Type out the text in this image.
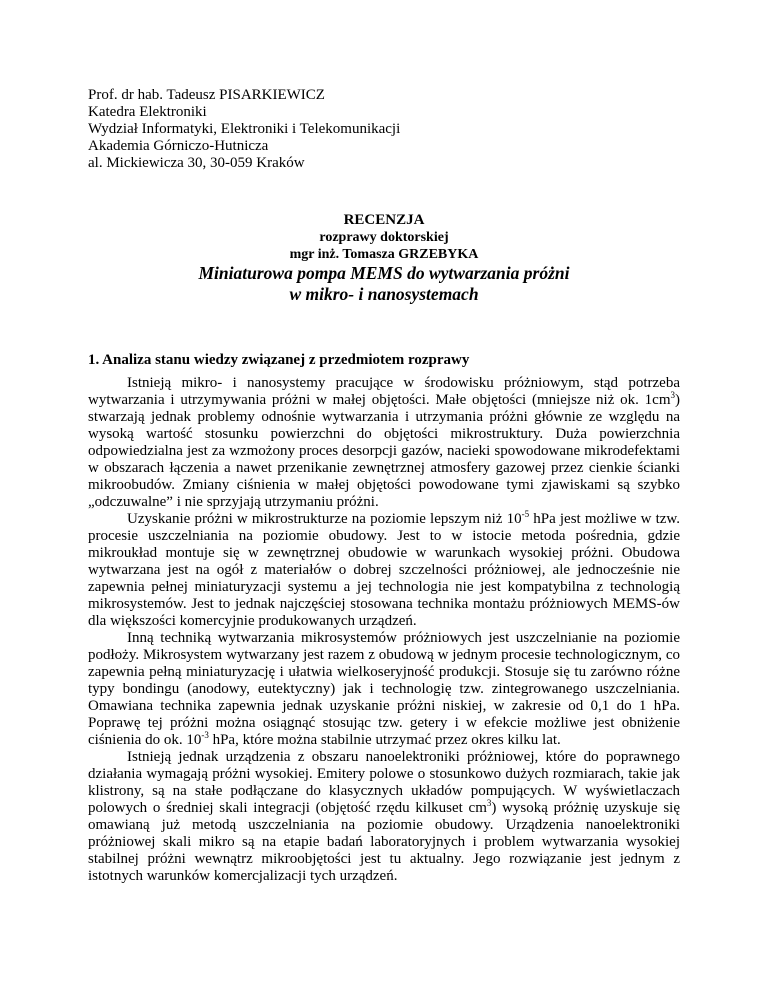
Prof. dr hab. Tadeusz PISARKIEWICZ
Katedra Elektroniki
Wydział Informatyki, Elektroniki i Telekomunikacji
Akademia Górniczo-Hutnicza
al. Mickiewicza 30, 30-059 Kraków
RECENZJA
rozprawy doktorskiej
mgr inż. Tomasza GRZEBYKA
Miniaturowa pompa MEMS do wytwarzania próżni
w mikro- i nanosystemach
1. Analiza stanu wiedzy związanej z przedmiotem rozprawy

Istnieją mikro- i nanosystemy pracujące w środowisku próżniowym, stąd potrzeba wytwarzania i utrzymywania próżni w małej objętości. Małe objętości (mniejsze niż ok. $1cm^3$) stwarzają jednak problemy odnośnie wytwarzania i utrzymania próżni głównie ze względu na wysoką wartość stosunku powierzchni do objętości mikrostruktury. Duża powierzchnia odpowiedzialna jest za wzmożony proces desorpcji gazów, nacieki spowodowane mikrodefektami w obszarach łączenia a nawet przenikanie zewnętrznej atmosfery gazowej przez cienkie ścianki mikroobudów. Zmiany ciśnienia w małej objętości powodowane tymi zjawiskami są szybko „odczuwalne” i nie sprzyjają utrzymaniu próżni.

Uzyskanie próżni w mikrostrukturze na poziomie lepszym niż $10^{-5}$ hPa jest możliwe w tzw. procesie uszczelniania na poziomie obudowy. Jest to w istocie metoda pośrednia, gdzie mikroukład montuje się w zewnętrznej obudowie w warunkach wysokiej próżni. Obudowa wytwarzana jest na ogół z materiałów o dobrej szczelności próżniowej, ale jednocześnie nie zapewnia pełnej miniaturyzacji systemu a jej technologia nie jest kompatybilna z technologią mikrosystemów. Jest to jednak najczęściej stosowana technika montażu próżniowych MEMS-ów dla większości komercyjnie produkowanych urządzeń.

Inną techniką wytwarzania mikrosystemów próżniowych jest uszczelnianie na poziomie podłoży. Mikrosystem wytwarzany jest razem z obudową w jednym procesie technologicznym, co zapewnia pełną miniaturyzację i ułatwia wielkoseryjność produkcji. Stosuje się tu zarówno różne typy bondingu (anodowy, eutektyczny) jak i technologię tzw. zintegrowanego uszczelniania. Omawiana technika zapewnia jednak uzyskanie próżni niskiej, w zakresie od 0,1 do 1 hPa. Poprawę tej próżni można osiągnąć stosując tzw. getery i w efekcie możliwe jest obniżenie ciśnienia do ok. $10^{-3}$ hPa, które można stabilnie utrzymać przez okres kilku lat.

Istnieją jednak urządzenia z obszaru nanoelektroniki próżniowej, które do poprawnego działania wymagają próżni wysokiej. Emitery polowe o stosunkowo dużych rozmiarach, takie jak klistrony, są na stałe podłączane do klasycznych układów pompujących. W wyświetlaczach polowych o średniej skali integracji (objętość rzędu kilkuset $cm^3$) wysoką próżnię uzyskuje się omawianą już metodą uszczelniania na poziomie obudowy. Urządzenia nanoelektroniki próżniowej skali mikro są na etapie badań laboratoryjnych i problem wytwarzania wysokiej stabilnej próżni wewnątrz mikroobjętości jest tu aktualny. Jego rozwiązanie jest jednym z istotnych warunków komercjalizacji tych urządzeń.
